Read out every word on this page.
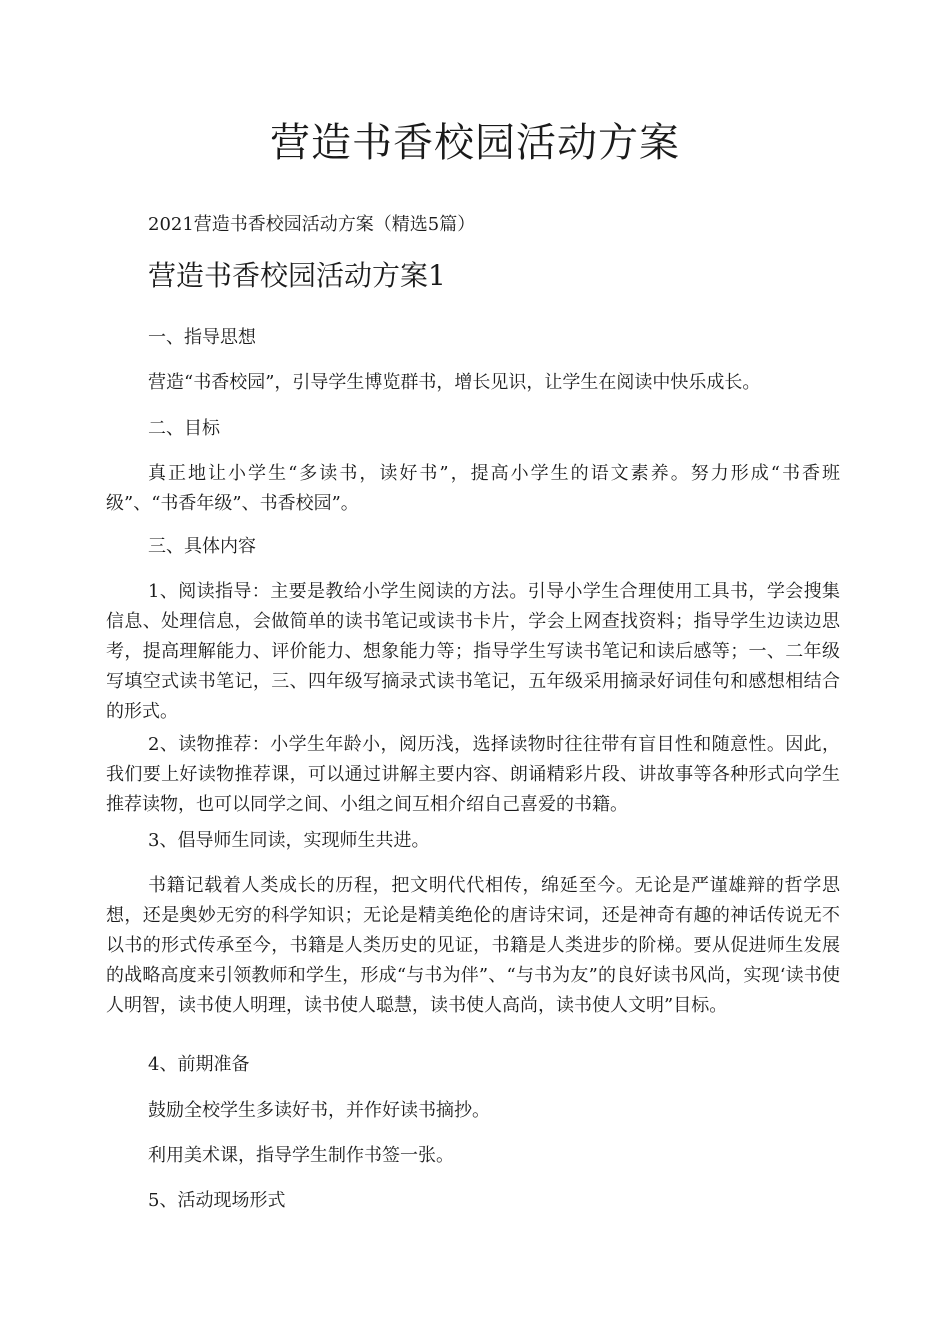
营造书香校园活动方案
2021营造书香校园活动方案（精选5篇）
营造书香校园活动方案1
一、指导思想
营造“书香校园”，引导学生博览群书，增长见识，让学生在阅读中快乐成长。
二、目标
真正地让小学生“多读书，读好书”，提高小学生的语文素养。努力形成“书香班级”、“书香年级”、书香校园”。
三、具体内容
1、阅读指导：主要是教给小学生阅读的方法。引导小学生合理使用工具书，学会搜集信息、处理信息，会做简单的读书笔记或读书卡片，学会上网查找资料；指导学生边读边思考，提高理解能力、评价能力、想象能力等；指导学生写读书笔记和读后感等；一、二年级写填空式读书笔记，三、四年级写摘录式读书笔记，五年级采用摘录好词佳句和感想相结合的形式。
2、读物推荐：小学生年龄小，阅历浅，选择读物时往往带有盲目性和随意性。因此，我们要上好读物推荐课，可以通过讲解主要内容、朗诵精彩片段、讲故事等各种形式向学生推荐读物，也可以同学之间、小组之间互相介绍自己喜爱的书籍。
3、倡导师生同读，实现师生共进。
书籍记载着人类成长的历程，把文明代代相传，绵延至今。无论是严谨雄辩的哲学思想，还是奥妙无穷的科学知识；无论是精美绝伦的唐诗宋词，还是神奇有趣的神话传说无不以书的形式传承至今，书籍是人类历史的见证，书籍是人类进步的阶梯。要从促进师生发展的战略高度来引领教师和学生，形成“与书为伴”、“与书为友”的良好读书风尚，实现‘读书使人明智，读书使人明理，读书使人聪慧，读书使人高尚，读书使人文明”目标。
4、前期准备
鼓励全校学生多读好书，并作好读书摘抄。
利用美术课，指导学生制作书签一张。
5、活动现场形式
